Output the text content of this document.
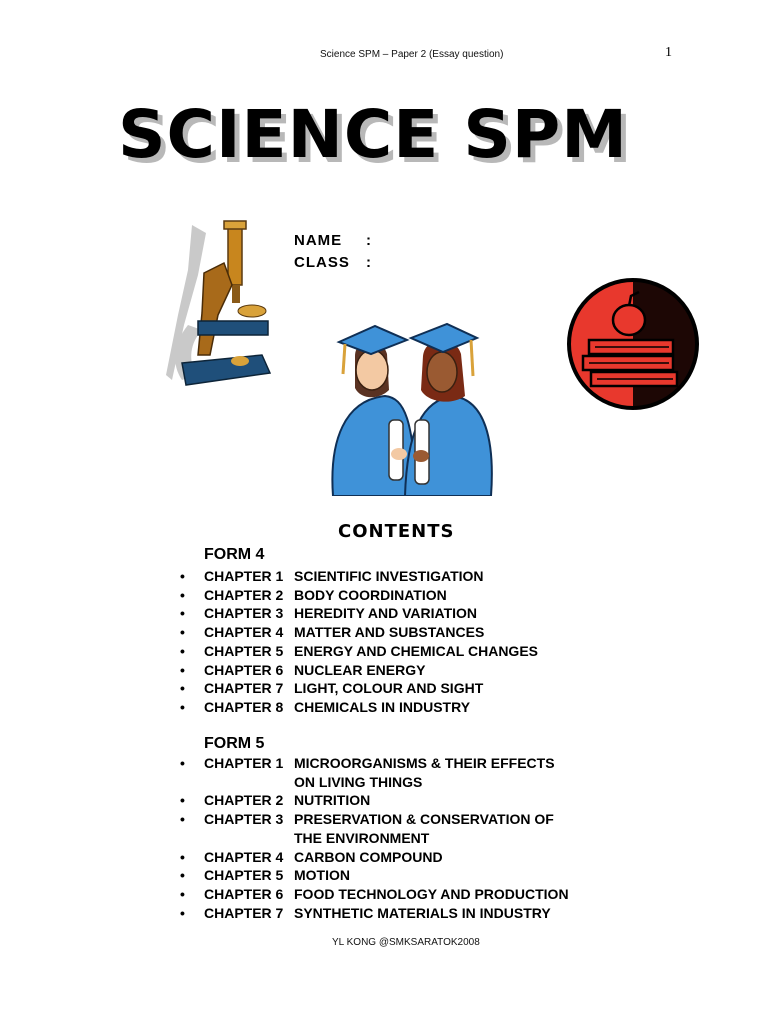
Science SPM – Paper 2 (Essay question)	1
SCIENCE SPM
NAME	:
CLASS	:
CONTENTS
FORM 4
• CHAPTER 1 SCIENTIFIC INVESTIGATION
• CHAPTER 2 BODY COORDINATION
• CHAPTER 3 HEREDITY AND VARIATION
• CHAPTER 4 MATTER AND SUBSTANCES
• CHAPTER 5 ENERGY AND CHEMICAL CHANGES
• CHAPTER 6 NUCLEAR ENERGY
• CHAPTER 7 LIGHT, COLOUR AND SIGHT
• CHAPTER 8 CHEMICALS IN INDUSTRY
FORM 5
• CHAPTER 1 MICROORGANISMS & THEIR EFFECTS
ON LIVING THINGS
• CHAPTER 2 NUTRITION
• CHAPTER 3 PRESERVATION & CONSERVATION OF
THE ENVIRONMENT
• CHAPTER 4 CARBON COMPOUND
• CHAPTER 5 MOTION
• CHAPTER 6 FOOD TECHNOLOGY AND PRODUCTION
• CHAPTER 7 SYNTHETIC MATERIALS IN INDUSTRY
YL KONG @SMKSARATOK2008
